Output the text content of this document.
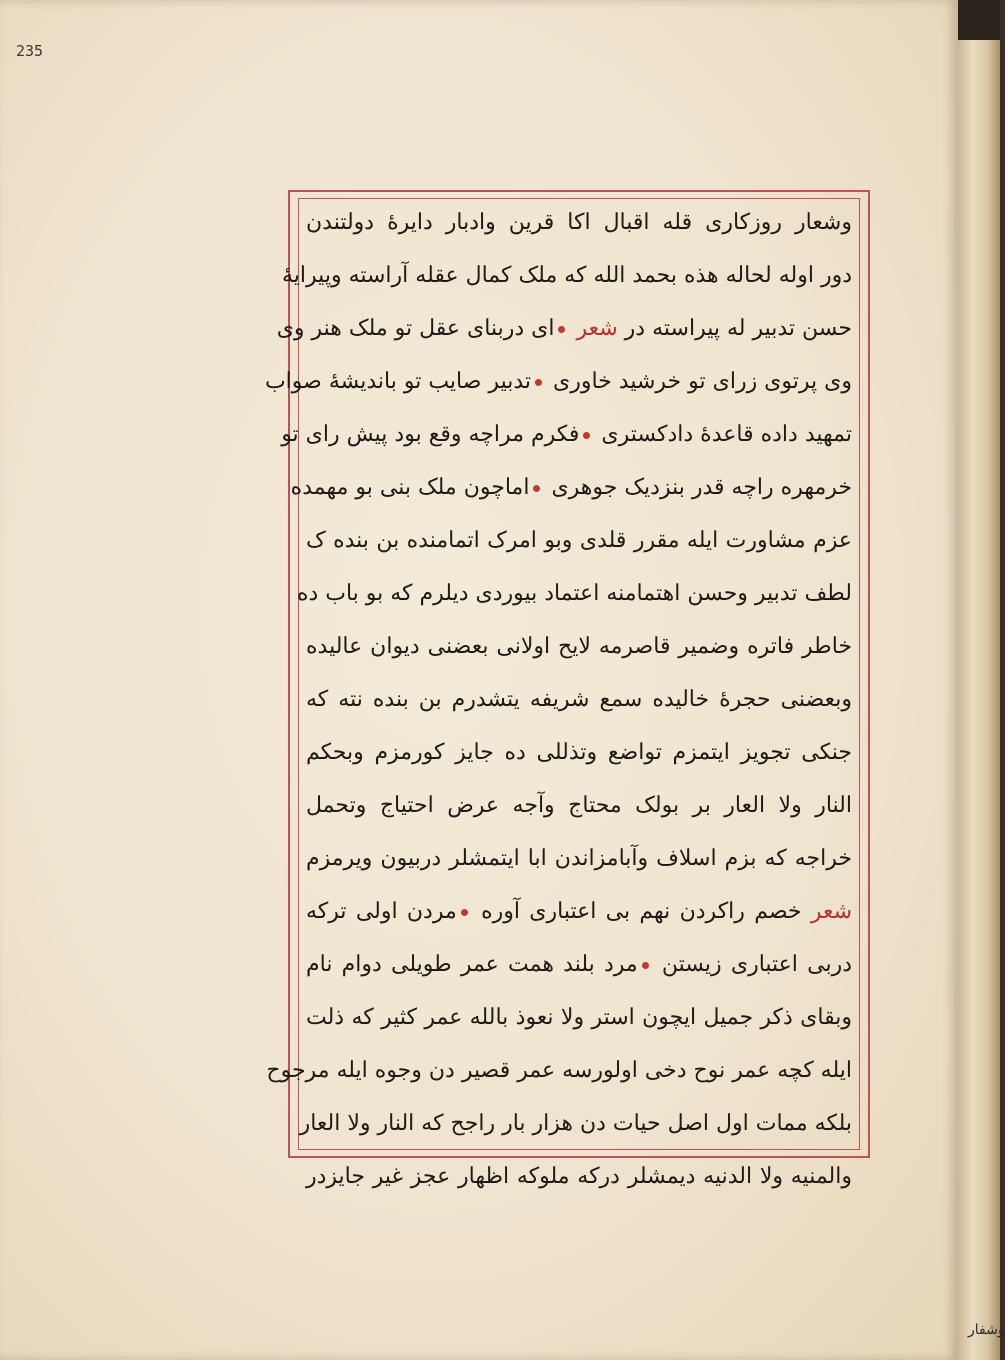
235
وشعار روزکاری قله اقبال اکا قرین وادبار دایرهٔ دولتندن
دور اوله لحاله هذه بحمد الله که ملک کمال عقله آراسته وپیرایهٔ
حسن تدبیر له پیراسته در شعر ای دربنای عقل تو ملک هنر وی
وی پرتوی زرای تو خرشید خاوری تدبیر صایب تو باندیشهٔ صواب
تمهید داده قاعدهٔ دادکستری فکرم مراچه وقع بود پیش رای تو
خرمهره راچه قدر بنزدیک جوهری اماچون ملک بنی بو مهمده
عزم مشاورت ایله مقرر قلدی وبو امرک اتمامنده بن بنده ک
لطف تدبیر وحسن اهتمامنه اعتماد بیوردی دیلرم که بو باب ده
خاطر فاتره وضمیر قاصرمه لایح اولانی بعضنی دیوان عالیده
وبعضنی حجرهٔ خالیده سمع شریفه یتشدرم بن بنده نته که
جنکی تجویز ایتمزم تواضع وتذللی ده جایز کورمزم وبحکم
النار ولا العار بر بولک محتاج وآجه عرض احتیاج وتحمل
خراجه که بزم اسلاف وآبامزاندن ابا ایتمشلر دربیون ویرمزم
شعر خصم راکردن نهم بی اعتباری آوره مردن اولی ترکه
دربی اعتباری زیستن مرد بلند همت عمر طویلی دوام نام
وبقای ذکر جمیل ایچون استر ولا نعوذ بالله عمر کثیر که ذلت
ایله کچه عمر نوح دخی اولورسه عمر قصیر دن وجوه ایله مرجوح
بلکه ممات اول اصل حیات دن هزار بار راجح که النار ولا العار
والمنیه ولا الدنیه دیمشلر درکه ملوکه اظهار عجز غیر جایزدر
وشفار
